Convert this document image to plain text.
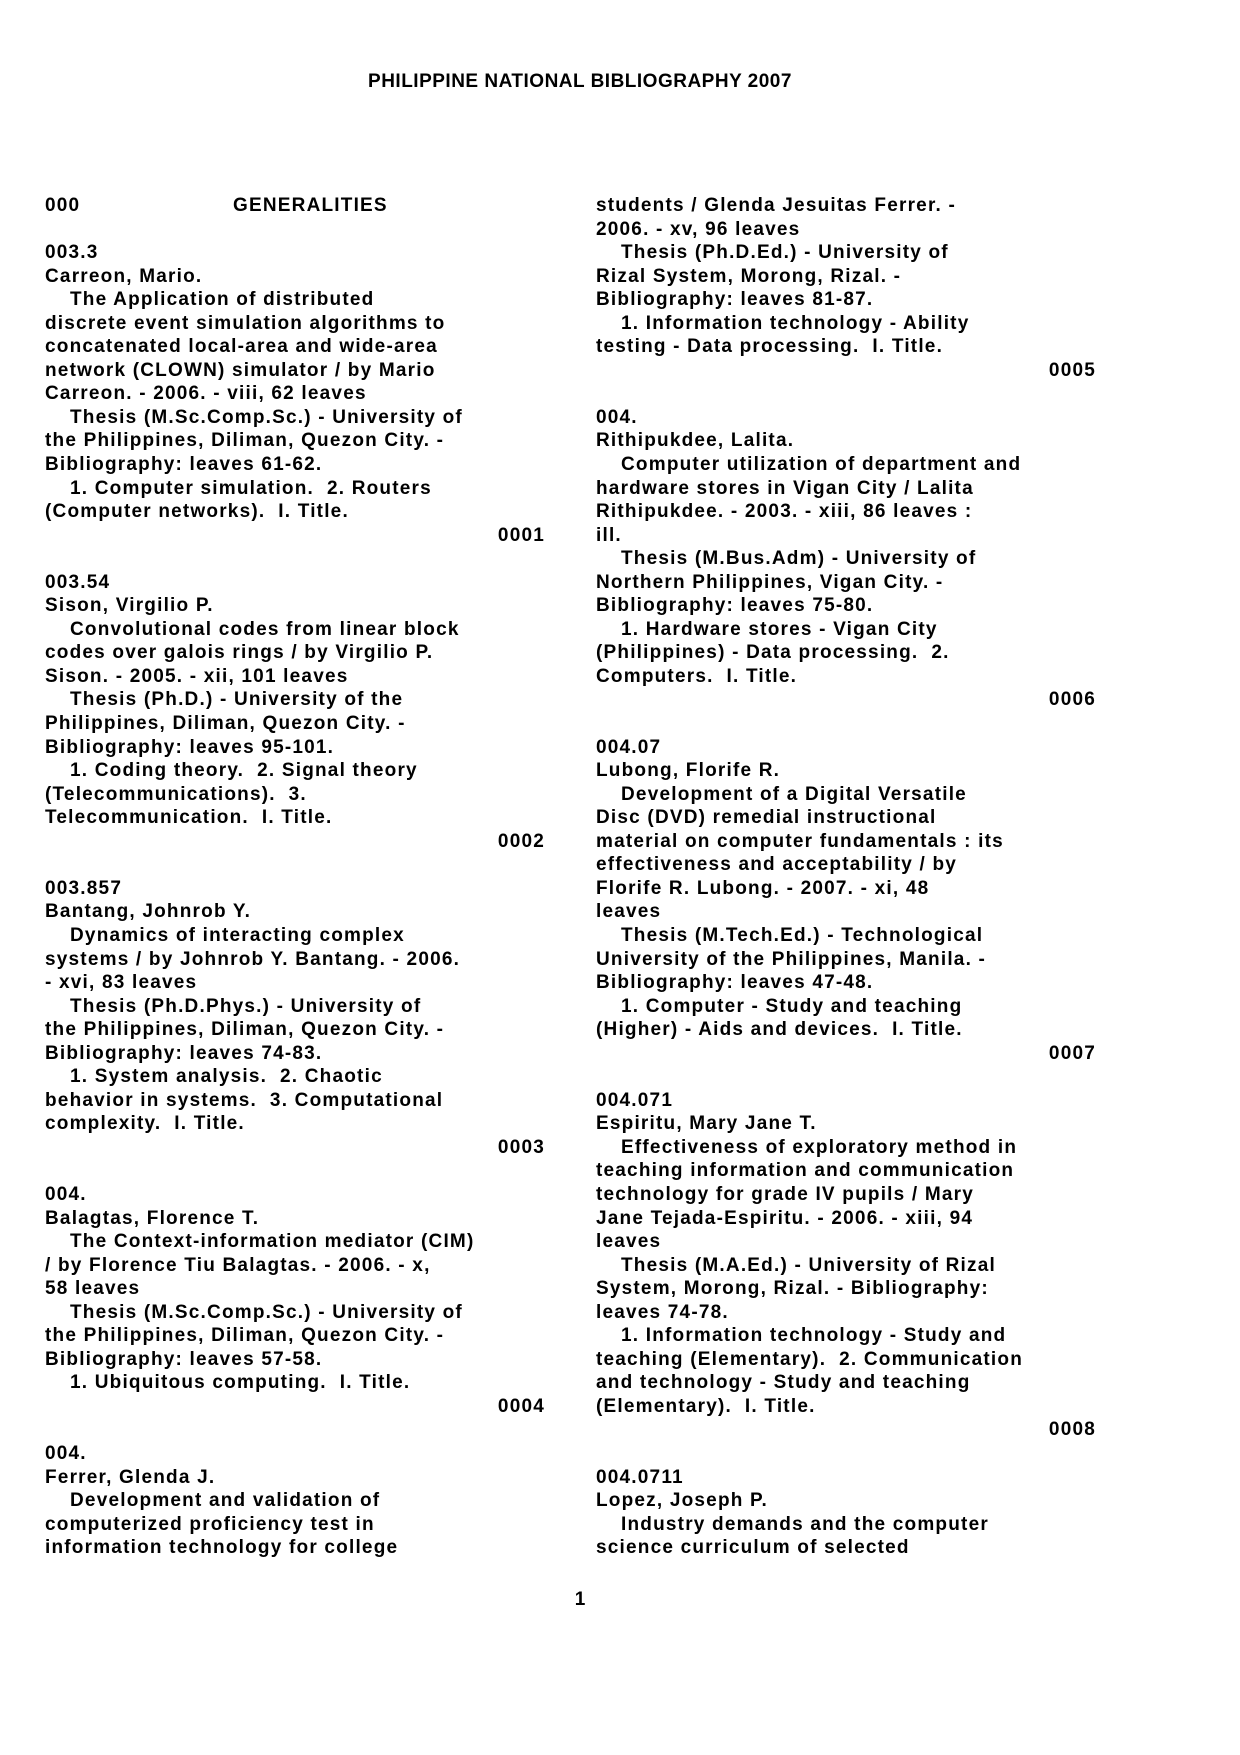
PHILIPPINE NATIONAL BIBLIOGRAPHY 2007
000	GENERALITIES
003.3
Carreon, Mario.
The Application of distributed
discrete event simulation algorithms to
concatenated local-area and wide-area
network (CLOWN) simulator / by Mario
Carreon. - 2006. - viii, 62 leaves
Thesis (M.Sc.Comp.Sc.) - University of
the Philippines, Diliman, Quezon City. -
Bibliography: leaves 61-62.
1. Computer simulation.  2. Routers
(Computer networks).  I. Title.
0001
003.54
Sison, Virgilio P.
Convolutional codes from linear block
codes over galois rings / by Virgilio P.
Sison. - 2005. - xii, 101 leaves
Thesis (Ph.D.) - University of the
Philippines, Diliman, Quezon City. -
Bibliography: leaves 95-101.
1. Coding theory.  2. Signal theory
(Telecommunications).  3.
Telecommunication.  I. Title.
0002
003.857
Bantang, Johnrob Y.
Dynamics of interacting complex
systems / by Johnrob Y. Bantang. - 2006.
- xvi, 83 leaves
Thesis (Ph.D.Phys.) - University of
the Philippines, Diliman, Quezon City. -
Bibliography: leaves 74-83.
1. System analysis.  2. Chaotic
behavior in systems.  3. Computational
complexity.  I. Title.
0003
004.
Balagtas, Florence T.
The Context-information mediator (CIM)
/ by Florence Tiu Balagtas. - 2006. - x,
58 leaves
Thesis (M.Sc.Comp.Sc.) - University of
the Philippines, Diliman, Quezon City. -
Bibliography: leaves 57-58.
1. Ubiquitous computing.  I. Title.
0004
004.
Ferrer, Glenda J.
Development and validation of
computerized proficiency test in
information technology for college
students / Glenda Jesuitas Ferrer. -
2006. - xv, 96 leaves
Thesis (Ph.D.Ed.) - University of
Rizal System, Morong, Rizal. -
Bibliography: leaves 81-87.
1. Information technology - Ability
testing - Data processing.  I. Title.
0005
004.
Rithipukdee, Lalita.
Computer utilization of department and
hardware stores in Vigan City / Lalita
Rithipukdee. - 2003. - xiii, 86 leaves :
ill.
Thesis (M.Bus.Adm) - University of
Northern Philippines, Vigan City. -
Bibliography: leaves 75-80.
1. Hardware stores - Vigan City
(Philippines) - Data processing.  2.
Computers.  I. Title.
0006
004.07
Lubong, Florife R.
Development of a Digital Versatile
Disc (DVD) remedial instructional
material on computer fundamentals : its
effectiveness and acceptability / by
Florife R. Lubong. - 2007. - xi, 48
leaves
Thesis (M.Tech.Ed.) - Technological
University of the Philippines, Manila. -
Bibliography: leaves 47-48.
1. Computer - Study and teaching
(Higher) - Aids and devices.  I. Title.
0007
004.071
Espiritu, Mary Jane T.
Effectiveness of exploratory method in
teaching information and communication
technology for grade IV pupils / Mary
Jane Tejada-Espiritu. - 2006. - xiii, 94
leaves
Thesis (M.A.Ed.) - University of Rizal
System, Morong, Rizal. - Bibliography:
leaves 74-78.
1. Information technology - Study and
teaching (Elementary).  2. Communication
and technology - Study and teaching
(Elementary).  I. Title.
0008
004.0711
Lopez, Joseph P.
Industry demands and the computer
science curriculum of selected
1
